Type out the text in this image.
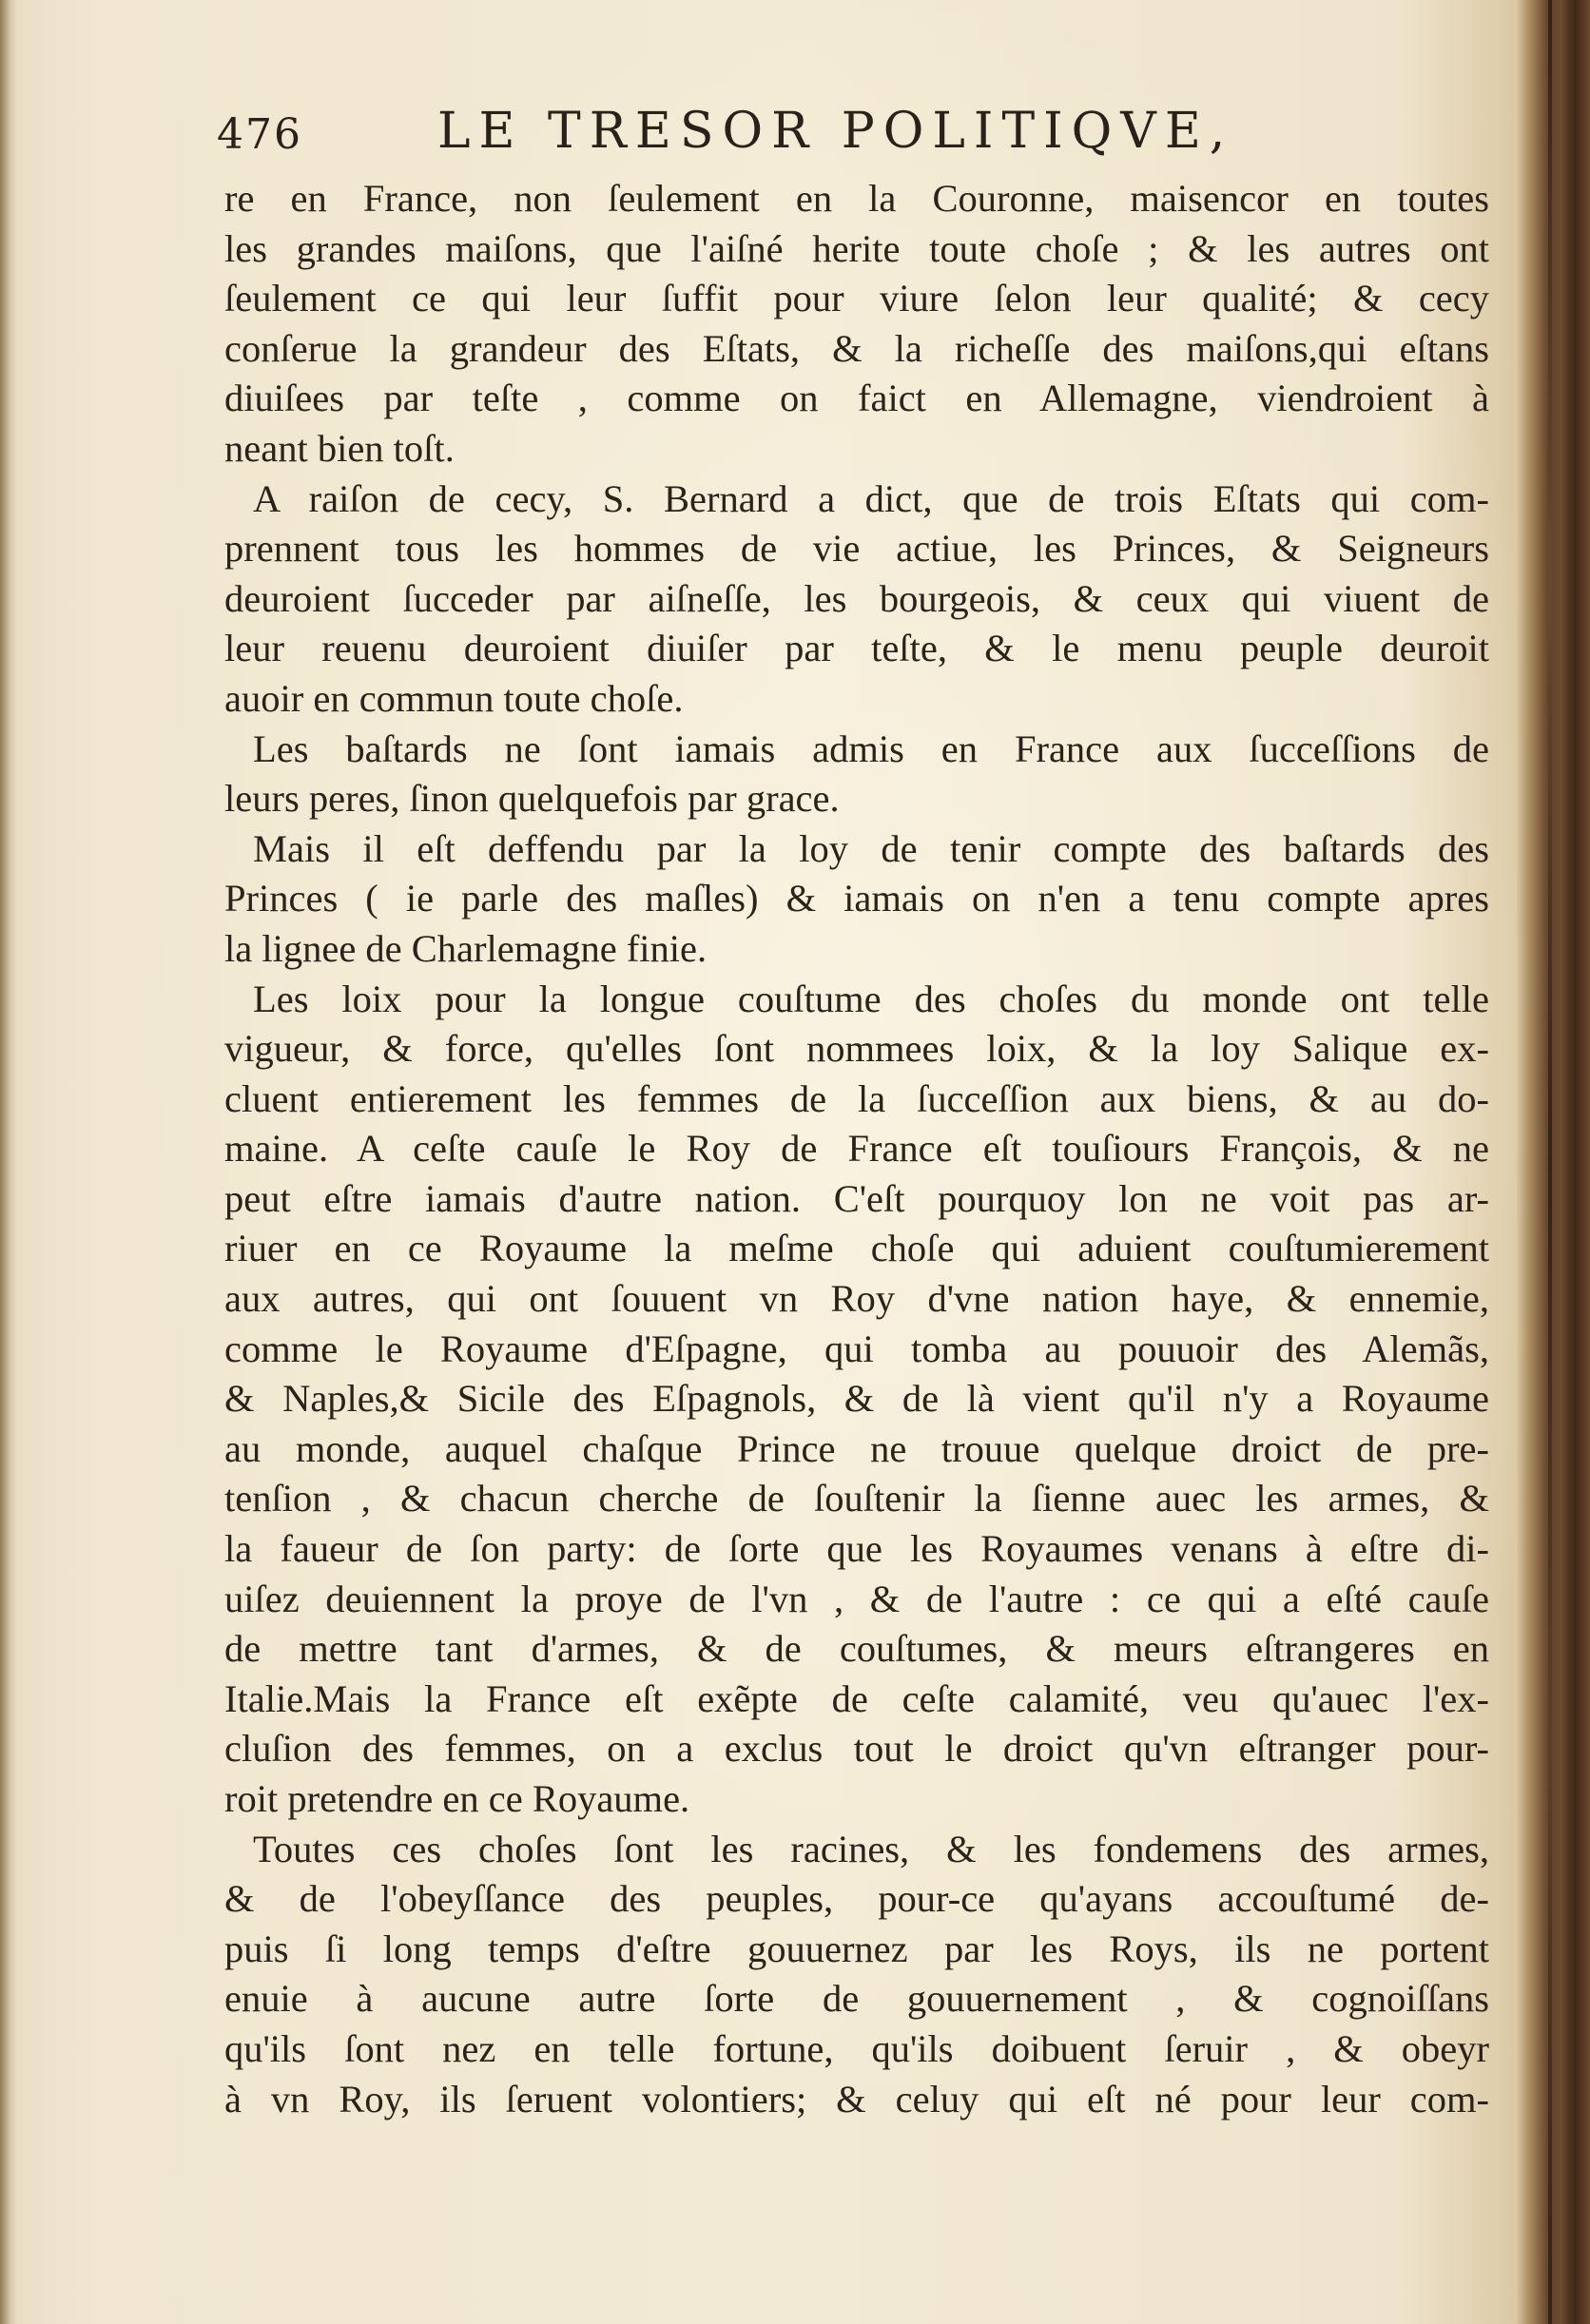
476	LE TRESOR POLITIQVE,
re en France, non ſeulement en la Couronne, maisencor en toutes
les grandes maiſons, que l'aiſné herite toute choſe ; & les autres ont
ſeulement ce qui leur ſuffit pour viure ſelon leur qualité; & cecy
conſerue la grandeur des Eſtats, & la richeſſe des maiſons,qui eſtans
diuiſees par teſte , comme on faict en Allemagne, viendroient à
neant bien toſt.
A raiſon de cecy, S. Bernard a dict, que de trois Eſtats qui com-
prennent tous les hommes de vie actiue, les Princes, & Seigneurs
deuroient ſucceder par aiſneſſe, les bourgeois, & ceux qui viuent de
leur reuenu deuroient diuiſer par teſte, & le menu peuple deuroit
auoir en commun toute choſe.
Les baſtards ne ſont iamais admis en France aux ſucceſſions de
leurs peres, ſinon quelquefois par grace.
Mais il eſt deffendu par la loy de tenir compte des baſtards des
Princes ( ie parle des maſles) & iamais on n'en a tenu compte apres
la lignee de Charlemagne finie.
Les loix pour la longue couſtume des choſes du monde ont telle
vigueur, & force, qu'elles ſont nommees loix, & la loy Salique ex-
cluent entierement les femmes de la ſucceſſion aux biens, & au do-
maine. A ceſte cauſe le Roy de France eſt touſiours François, & ne
peut eſtre iamais d'autre nation. C'eſt pourquoy lon ne voit pas ar-
riuer en ce Royaume la meſme choſe qui aduient couſtumierement
aux autres, qui ont ſouuent vn Roy d'vne nation haye, & ennemie,
comme le Royaume d'Eſpagne, qui tomba au pouuoir des Alemãs,
& Naples,& Sicile des Eſpagnols, & de là vient qu'il n'y a Royaume
au monde, auquel chaſque Prince ne trouue quelque droict de pre-
tenſion , & chacun cherche de ſouſtenir la ſienne auec les armes, &
la faueur de ſon party: de ſorte que les Royaumes venans à eſtre di-
uiſez deuiennent la proye de l'vn , & de l'autre : ce qui a eſté cauſe
de mettre tant d'armes, & de couſtumes, & meurs eſtrangeres en
Italie.Mais la France eſt exẽpte de ceſte calamité, veu qu'auec l'ex-
cluſion des femmes, on a exclus tout le droict qu'vn eſtranger pour-
roit pretendre en ce Royaume.
Toutes ces choſes ſont les racines, & les fondemens des armes,
& de l'obeyſſance des peuples, pour-ce qu'ayans accouſtumé de-
puis ſi long temps d'eſtre gouuernez par les Roys, ils ne portent
enuie à aucune autre ſorte de gouuernement , & cognoiſſans
qu'ils ſont nez en telle fortune, qu'ils doibuent ſeruir , & obeyr
à vn Roy, ils ſeruent volontiers; & celuy qui eſt né pour leur com-
